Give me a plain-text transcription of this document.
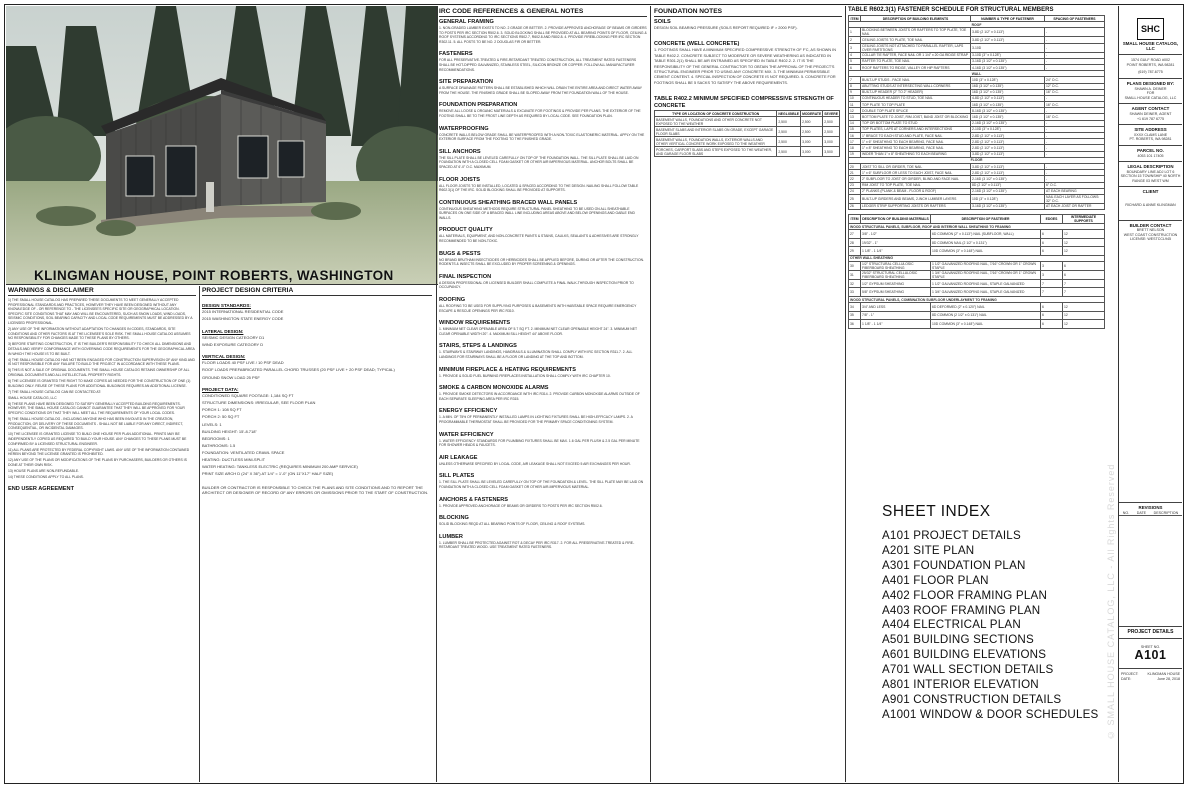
KLINGMAN HOUSE, POINT ROBERTS, WASHINGTON
WARNINGS & DISCLAIMER
1) THE SMALL HOUSE CATALOG HAS PREPARED THESE DOCUMENTS TO MEET GENERALLY ACCEPTED PROFESSIONAL STANDARDS AND PRACTICES, HOWEVER THEY HAVE BEEN DESIGNED WITHOUT ANY KNOWLEDGE OF - OR REFERENCE TO - THE LICENSEE'S SPECIFIC SITE OR GEOGRAPHICAL LOCATION. SPECIFIC SITE CONDITIONS THAT MAY AND WILL BE ENCOUNTERED, SUCH AS SNOW LOADS, WIND LOADS, SEISMIC CONDITIONS, SOIL BEARING CAPACITY AND LOCAL CODE REQUIREMENTS MUST BE ADDRESSED BY A LICENSED PROFESSIONAL.
2) ANY USE OF THE INFORMATION WITHOUT ADAPTATION TO CHANGES IN CODES, STANDARDS, SITE CONDITIONS AND OTHER FACTORS IS AT THE LICENSEE'S SOLE RISK. THE SMALL HOUSE CATALOG ASSUMES NO RESPONSIBILITY FOR CHANGES MADE TO THESE PLANS BY OTHERS.
3) BEFORE STARTING CONSTRUCTION, IT IS THE BUILDER'S RESPONSIBILITY TO CHECK ALL DIMENSIONS AND DETAILS AND VERIFY CONFORMANCE WITH GOVERNING CODE REQUIREMENTS FOR THE GEOGRAPHICAL AREA IN WHICH THE HOUSE IS TO BE BUILT.
4) THE SMALL HOUSE CATALOG HAS NOT BEEN ENGAGED FOR CONSTRUCTION SUPERVISION OF ANY KIND AND IS NOT RESPONSIBLE FOR ANY FAILURE TO BUILD THE PROJECT IN ACCORDANCE WITH THESE PLANS.
5) THIS IS NOT A SALE OF ORIGINAL DOCUMENTS. THE SMALL HOUSE CATALOG RETAINS OWNERSHIP OF ALL ORIGINAL DOCUMENTS AND ALL INTELLECTUAL PROPERTY RIGHTS.
6) THE LICENSEE IS GRANTED THE RIGHT TO MAKE COPIES AS NEEDED FOR THE CONSTRUCTION OF ONE (1) BUILDING ONLY. REUSE OF THESE PLANS FOR ADDITIONAL BUILDINGS REQUIRES AN ADDITIONAL LICENSE.
7) THE SMALL HOUSE CATALOG CAN BE CONTACTED AT:
SMALL HOUSE CATALOG, LLC
8) THESE PLANS HAVE BEEN DESIGNED TO SATISFY GENERALLY ACCEPTED BUILDING REQUIREMENTS. HOWEVER, THE SMALL HOUSE CATALOG CANNOT GUARANTEE THAT THEY WILL BE APPROVED FOR YOUR SPECIFIC CONDITIONS OR THAT THEY WILL MEET ALL THE REQUIREMENTS OF YOUR LOCAL CODES.
9) THE SMALL HOUSE CATALOG - INCLUDING ANYONE WHO HAS BEEN INVOLVED IN THE CREATION, PRODUCTION, OR DELIVERY OF THESE DOCUMENTS - SHALL NOT BE LIABLE FOR ANY DIRECT, INDIRECT, CONSEQUENTIAL, OR INCIDENTAL DAMAGES.
10) THE LICENSEE IS GRANTED LICENSE TO BUILD ONE HOUSE PER PLAN ADDITIONAL. PRINTS MAY BE INDEPENDENTLY COPIED AS REQUIRED TO BUILD YOUR HOUSE. ANY CHANGES TO THESE PLANS MUST BE CONFIRMED BY A LICENSED STRUCTURAL ENGINEER.
11) ALL PLANS ARE PROTECTED BY FEDERAL COPYRIGHT LAWS. ANY USE OF THE INFORMATION CONTAINED HEREIN BEYOND THE LICENSE GRANTED IS PROHIBITED.
12) ANY USE OF THE PLANS OR MODIFICATIONS OF THE PLANS BY PURCHASERS, BUILDERS OR OTHERS IS DONE AT THEIR OWN RISK.
13) HOUSE PLANS ARE NON-REFUNDABLE.
14) THESE CONDITIONS APPLY TO ALL PLANS.
END USER AGREEMENT
PROJECT DESIGN CRITERIA
DESIGN STANDARDS:
2015 INTERNATIONAL RESIDENTIAL CODE
2015 WASHINGTON STATE ENERGY CODE
LATERAL DESIGN:
SEISMIC DESIGN CATEGORY D1
WIND EXPOSURE CATEGORY D
VERTICAL DESIGN:
FLOOR LOADS 40 PSF LIVE / 10 PSF DEAD
ROOF LOADS PREFABRICATED PARALLEL CHORD TRUSSES (20 PSF LIVE + 20 PSF DEAD; TYPICAL)
GROUND SNOW LOAD 25 PSF
PROJECT DATA:
CONDITIONED SQUARE FOOTAGE: 1,184 SQ FT
STRUCTURE DIMENSIONS: IRREGULAR, SEE FLOOR PLAN
PORCH 1: 108 SQ FT
PORCH 2: 50 SQ FT
LEVELS: 1
BUILDING HEIGHT: 15'-8.718"
BEDROOMS: 1
BATHROOMS: 1.5
FOUNDATION: VENTILATED CRAWL SPACE
HEATING: DUCTLESS MINI-SPLIT
WATER HEATING: TANKLESS ELECTRIC (REQUIRES MINIMUM 200 AMP SERVICE)
PRINT SIZE ARCH D (24" X 36") AT 1/4" = 1'-0" (ON 11"X17" HALF SIZE)
BUILDER OR CONTRACTOR IS RESPONSIBLE TO CHECK THE PLANS AND SITE CONDITIONS AND TO REPORT THE ARCHITECT OR DESIGNER OF RECORD OF ANY ERRORS OR OMISSIONS PRIOR TO THE START OF CONSTRUCTION.
IRC CODE REFERENCES & GENERAL NOTES
GENERAL FRAMING
1. NON-GRADED LUMBER EXISTS TO NO. 2 GRADE OR BETTER. 2. PROVIDE APPROVED ANCHORAGE OF BEAMS OR GIRDERS TO POSTS PER IRC SECTION R502.6. 3. SOLID BLOCKING SHALL BE PROVIDED AT ALL BEARING POINTS OF FLOOR, CEILING & ROOF SYSTEMS ACCORDING TO IRC SECTIONS R502.7, R602.8 AND R802.8. 4. PROVIDE FIREBLOCKING PER IRC SECTION R302.11. 5. ALL POSTS TO BE NO. 2 DOUGLAS FIR OR BETTER.
FASTENERS
FOR ALL PRESERVATIVE-TREATED & FIRE-RETARDANT TREATED CONSTRUCTION, ALL TREATMENT RATED FASTENERS SHALL BE HOT-DIPPED GALVANIZED, STAINLESS STEEL, SILICON BRONZE OR COPPER. FOLLOW ALL MANUFACTURER RECOMMENDATIONS.
SITE PREPARATION
A SURFACE DRAINAGE PATTERN SHALL BE ESTABLISHED WHICH WILL DRAIN THE ENTIRE AREA AND DIRECT WATER AWAY FROM THE HOUSE. THE FINISHED GRADE SHALL BE SLOPED AWAY FROM THE FOUNDATION WALL OF THE HOUSE.
FOUNDATION PREPARATION
REMOVE ALL LOOSE & ORGANIC MATERIALS & EXCAVATE FOR FOOTINGS & PROVIDE PER PLANS. THE EXTERIOR OF THE FOOTING SHALL BE TO THE FROST LINE DEPTH AS REQUIRED BY LOCAL CODE. SEE FOUNDATION PLAN.
WATERPROOFING
CONCRETE WALLS BELOW GRADE SHALL BE WATERPROOFED WITH A NON-TOXIC ELASTOMERIC MATERIAL. APPLY ON THE EXTERIOR SURFACE FROM THE FOOTING TO THE FINISHED GRADE.
SILL ANCHORS
THE SILL PLATE SHALL BE LEVELED CAREFULLY ON TOP OF THE FOUNDATION WALL. THE SILL PLATE SHALL BE LAID ON FOUNDATION WITH A CLOSED CELL FOAM GASKET OR OTHER AIR IMPERVIOUS MATERIAL. ANCHOR BOLTS SHALL BE SPACED AT 6'-0" O.C. MAXIMUM.
FLOOR JOISTS
ALL FLOOR JOISTS TO BE INSTALLED, LOCATED & SPACED ACCORDING TO THE DESIGN. NAILING SHALL FOLLOW TABLE R602.3(1) OF THE IRC. SOLID BLOCKING SHALL BE PROVIDED AT SUPPORTS.
CONTINUOUS SHEATHING BRACED WALL PANELS
CONTINUOUS SHEATHING METHODS REQUIRE STRUCTURAL PANEL SHEATHING TO BE USED ON ALL SHEATHABLE SURFACES ON ONE SIDE OF A BRACED WALL LINE INCLUDING AREAS ABOVE AND BELOW OPENINGS AND GABLE END WALLS.
PRODUCT QUALITY
ALL MATERIALS, EQUIPMENT, AND NON-CONCRETE PAINTS & STAINS, CAULKS, SEALANTS & ADHESIVES ARE STRONGLY RECOMMENDED TO BE NON-TOXIC.
BUGS & PESTS
NO BRAND BRUTHAM INSECTICIDES OR HERBICIDES SHALL BE APPLIED BEFORE, DURING OR AFTER THE CONSTRUCTION. RODENTS & INSECTS SHALL BE EXCLUDED BY PROPER SCREENING & OPENINGS.
FINAL INSPECTION
A DESIGN PROFESSIONAL OR LICENSED BUILDER SHALL COMPLETE A FINAL WALK-THROUGH INSPECTION PRIOR TO OCCUPANCY.
ROOFING
ALL ROOFING TO BE USED FOR SUPPLYING PURPOSES & BASEMENTS WITH HABITABLE SPACE REQUIRE EMERGENCY ESCAPE & RESCUE OPENINGS PER IRC R310.
WINDOW REQUIREMENTS
1. MINIMUM NET CLEAR OPENABLE AREA OF 5.7 SQ FT. 2. MINIMUM NET CLEAR OPENABLE HEIGHT 24". 3. MINIMUM NET CLEAR OPENABLE WIDTH 20". 4. MAXIMUM SILL HEIGHT 44" ABOVE FLOOR.
STAIRS, STEPS & LANDINGS
1. STAIRWAYS & STAIRWAY LANDINGS, HANDRAILS & ILLUMINATION SHALL COMPLY WITH IRC SECTION R311.7. 2. ALL LANDINGS FOR STAIRWAYS SHALL BE A FLOOR OR LANDING AT THE TOP AND BOTTOM.
MINIMUM FIREPLACE & HEATING REQUIREMENTS
1. PROVIDE & SOLID FUEL BURNING FIREPLACES INSTALLATION SHALL COMPLY WITH IRC CHAPTER 10.
SMOKE & CARBON MONOXIDE ALARMS
1. PROVIDE SMOKE DETECTORS IN ACCORDANCE WITH IRC R314. 2. PROVIDE CARBON MONOXIDE ALARMS OUTSIDE OF EACH SEPARATE SLEEPING AREA PER IRC R315.
ENERGY EFFICIENCY
1. A MIN. OF 75% OF PERMANENTLY INSTALLED LAMPS IN LIGHTING FIXTURES SHALL BE HIGH-EFFICACY LAMPS. 2. A PROGRAMMABLE THERMOSTAT SHALL BE PROVIDED FOR THE PRIMARY SPACE CONDITIONING SYSTEM.
WATER EFFICIENCY
1. WATER EFFICIENCY STANDARDS FOR PLUMBING FIXTURES SHALL BE MAX. 1.6 GAL PER FLUSH & 2.5 GAL PER MINUTE FOR SHOWER HEADS & FAUCETS.
AIR LEAKAGE
UNLESS OTHERWISE SPECIFIED BY LOCAL CODE, AIR LEAKAGE SHALL NOT EXCEED 5 AIR EXCHANGES PER HOUR.
SILL PLATES
1. THE SILL PLATE SHALL BE LEVELED CAREFULLY ON TOP OF THE FOUNDATION & LEVEL. THE SILL PLATE MAY BE LAID ON FOUNDATION WITH A CLOSED CELL FOAM GASKET OR OTHER AIR-IMPERVIOUS MATERIAL.
ANCHORS & FASTENERS
1. PROVIDE APPROVED ANCHORAGE OF BEAMS OR GIRDERS TO POSTS PER IRC SECTION R502.6.
BLOCKING
SOLID BLOCKING REQD AT ALL BEARING POINTS OF FLOOR, CEILING & ROOF SYSTEMS.
LUMBER
1. LUMBER SHALL BE PROTECTED AGAINST ROT & DECAY PER IRC R317. 2. FOR ALL PRESERVATIVE-TREATED & FIRE-RETARDANT TREATED WOOD. USE TREATMENT RATED FASTENERS.
FOUNDATION NOTES
SOILS
DESIGN SOIL BEARING PRESSURE (SOILS REPORT REQUIRED IF > 2000 PSF).
CONCRETE (WELL CONCRETE)
1. FOOTINGS SHALL HAVE A MINIMUM SPECIFIED COMPRESSIVE STRENGTH OF F'C, AS SHOWN IN TABLE R402.2. CONCRETE SUBJECT TO MODERATE OR SEVERE WEATHERING AS INDICATED IN TABLE R301.2(1) SHALL BE AIR ENTRAINED AS SPECIFIED IN TABLE R402.2. 2. IT IS THE RESPONSIBILITY OF THE GENERAL CONTRACTOR TO OBTAIN THE APPROVAL OF THE PROJECT'S STRUCTURAL ENGINEER PRIOR TO USING ANY CONCRETE MIX. 3. THE MINIMUM PERMISSIBLE CEMENT CONTENT. 4. SPECIAL INSPECTION OF CONCRETE IS NOT REQUIRED. 5. CONCRETE FOR FOOTINGS SHALL BE 5 SACKS TO SATISFY THE ABOVE REQUIREMENTS.
TABLE R402.2 MINIMUM SPECIFIED COMPRESSIVE STRENGTH OF CONCRETE
TYPE OR LOCATION OF CONCRETE CONSTRUCTION	NEGLIGIBLE	MODERATE	SEVERE
BASEMENT WALLS, FOUNDATIONS AND OTHER CONCRETE NOT EXPOSED TO THE WEATHER	2,500	2,500	2,500
BASEMENT SLABS AND INTERIOR SLABS ON GRADE, EXCEPT GARAGE FLOOR SLABS	2,500	2,500	2,500
BASEMENT WALLS, FOUNDATION WALLS, EXTERIOR WALLS AND OTHER VERTICAL CONCRETE WORK EXPOSED TO THE WEATHER	2,500	3,000	3,000
PORCHES, CARPORT SLABS AND STEPS EXPOSED TO THE WEATHER, AND GARAGE FLOOR SLABS	2,500	3,000	3,500
TABLE R602.3(1) FASTENER SCHEDULE FOR STRUCTURAL MEMBERS
ITEM	DESCRIPTION OF BUILDING ELEMENTS	NUMBER & TYPE OF FASTENER	SPACING OF FASTENERS
ROOF			
1	BLOCKING BETWEEN JOISTS OR RAFTERS TO TOP PLATE, TOE NAIL	3-8D (2 1/2" x 0.113")	-
2	CEILING JOISTS TO PLATE, TOE NAIL	3-8D (2 1/2" x 0.113")	-
3	CEILING JOISTS NOT ATTACHED TO PARALLEL RAFTER, LAPS OVER PARTITIONS	3-10D	-
4	COLLAR TIE RAFTER, FACE NAIL OR 1 1/4" x 20 GA RIDGE STRAP	3-10D (3" x 0.128")	-
5	RAFTER TO PLATE, TOE NAIL	3-16D (3 1/2" x 0.135")	-
6	ROOF RAFTERS TO RIDGE, VALLEY OR HIP RAFTERS	4-16D (3 1/2" x 0.135")	-
WALL			
7	BUILT-UP STUDS - FACE NAIL	10D (3" x 0.128")	24" O.C.
8	ABUTTING STUDS AT INTERSECTING WALL CORNERS	16D (3 1/2" x 0.135")	12" O.C.
9	BUILT-UP HEADER (2" TO 2" HEADER)	16D (3 1/2" x 0.135")	16" O.C.
10	CONTINUOUS HEADER TO STUD, TOE NAIL	4-8D (2 1/2" x 0.113")	-
11	TOP PLATE TO TOP PLATE	16D (3 1/2" x 0.135")	16" O.C.
12	DOUBLE TOP PLATE SPLICE	8-16D (3 1/2" x 0.135")	-
13	BOTTOM PLATE TO JOIST, RIM JOIST, BAND JOIST OR BLOCKING	16D (3 1/2" x 0.135")	16" O.C.
14	TOP OR BOTTOM PLATE TO STUD	2-16D (3 1/2" x 0.135")	-
15	TOP PLATES, LAPS AT CORNERS AND INTERSECTIONS	2-10D (3" x 0.128")	-
16	1" BRACE TO EACH STUD AND PLATE, FACE NAIL	2-8D (2 1/2" x 0.113")	-
17	1" x 6" SHEATHING TO EACH BEARING, FACE NAIL	2-8D (2 1/2" x 0.113")	-
18	1" x 8" SHEATHING TO EACH BEARING, FACE NAIL	2-8D (2 1/2" x 0.113")	-
19	WIDER THAN 1" x 8" SHEATHING TO EACH BEARING	3-8D (2 1/2" x 0.113")	-
FLOOR			
20	JOIST TO SILL OR GIRDER, TOE NAIL	3-8D (2 1/2" x 0.113")	-
21	1" x 6" SUBFLOOR OR LESS TO EACH JOIST, FACE NAIL	2-8D (2 1/2" x 0.113")	-
22	2" SUBFLOOR TO JOIST OR GIRDER, BLIND AND FACE NAIL	2-16D (3 1/2" x 0.135")	-
23	RIM JOIST TO TOP PLATE, TOE NAIL	8D (2 1/2" x 0.113")	6" O.C.
24	2" PLANKS (PLANK & BEAM - FLOOR & ROOF)	2-16D (3 1/2" x 0.135")	AT EACH BEARING
25	BUILT-UP GIRDERS AND BEAMS, 2-INCH LUMBER LAYERS	10D (3" x 0.128")	NAIL EACH LAYER AS FOLLOWS: 32" O.C.
26	LEDGER STRIP SUPPORTING JOISTS OR RAFTERS	3-16D (3 1/2" x 0.135")	AT EACH JOIST OR RAFTER
ITEM	DESCRIPTION OF BUILDING MATERIALS	DESCRIPTION OF FASTENER	EDGES	INTERMEDIATE SUPPORTS
WOOD STRUCTURAL PANELS, SUBFLOOR, ROOF AND INTERIOR WALL SHEATHING TO FRAMING				
27	3/8" - 1/2"	6D COMMON (2" x 0.113") NAIL (SUBFLOOR, WALL)	6	12
28	19/32" - 1"	8D COMMON NAIL (2 1/2" x 0.131")	6	12
29	1 1/8" - 1 1/4"	10D COMMON (3" x 0.148") NAIL	6	12
OTHER WALL SHEATHING				
30	1/2" STRUCTURAL CELLULOSIC FIBERBOARD SHEATHING	1 1/2" GALVANIZED ROOFING NAIL, 7/16" CROWN OR 1" CROWN STAPLE	3	6
31	25/32" STRUCTURAL CELLULOSIC FIBERBOARD SHEATHING	1 3/4" GALVANIZED ROOFING NAIL, 7/16" CROWN OR 1" CROWN STAPLE	3	6
32	1/2" GYPSUM SHEATHING	1 1/2" GALVANIZED ROOFING NAIL, STAPLE GALVANIZED	7	7
33	5/8" GYPSUM SHEATHING	1 3/4" GALVANIZED ROOFING NAIL, STAPLE GALVANIZED	7	7
WOOD STRUCTURAL PANELS, COMBINATION SUBFLOOR UNDERLAYMENT TO FRAMING				
34	3/4" AND LESS	6D DEFORMED (2" x 0.120") NAIL	6	12
35	7/8" - 1"	8D COMMON (2 1/2" x 0.131") NAIL	6	12
36	1 1/8" - 1 1/4"	10D COMMON (3" x 0.148") NAIL	6	12
SHEET INDEX
A101 PROJECT DETAILS
A201 SITE PLAN
A301 FOUNDATION PLAN
A401 FLOOR PLAN
A402 FLOOR FRAMING PLAN
A403 ROOF FRAMING PLAN
A404 ELECTRICAL PLAN
A501 BUILDING SECTIONS
A601 BUILDING ELEVATIONS
A701 WALL SECTION DETAILS
A801 INTERIOR ELEVATION
A901 CONSTRUCTION DETAILS
A1001 WINDOW & DOOR SCHEDULES © SMALL HOUSE CATALOG, LLC - All Rights Reserved
SHC
SMALL HOUSE CATALOG, LLC
1574 GULF ROAD #002
POINT ROBERTS, WA 98281
(619) 787-6775
PLANS DESIGNED BY:
SHAWN A. DEINER
FOR
SMALL HOUSE CATALOG, LLC
AGENT CONTACT
SHAWN DEINER, AGENT
+1 619 787 6775
SITE ADDRESS
XXXX CLAMS LANE
PT. ROBERTS, WA 98281
PARCEL NO.
4053 101 17405
LEGAL DESCRIPTION
BOUNDARY LINE ADJ LOT 6 SECTION 15 TOWNSHIP 40 NORTH RANGE 03 WEST WM
CLIENT
RICHARD & ANNE KLINGMAN
BUILDER CONTACT
BRETT NELSON
WEST COAST CONSTRUCTION
LICENSE: WESTCCL945
REVISIONS
NO. DATE DESCRIPTION
PROJECT DETAILS
SHEET NO.
A101
PROJECT:	KLINGMAN HOUSE
DATE:	June 28, 2018
